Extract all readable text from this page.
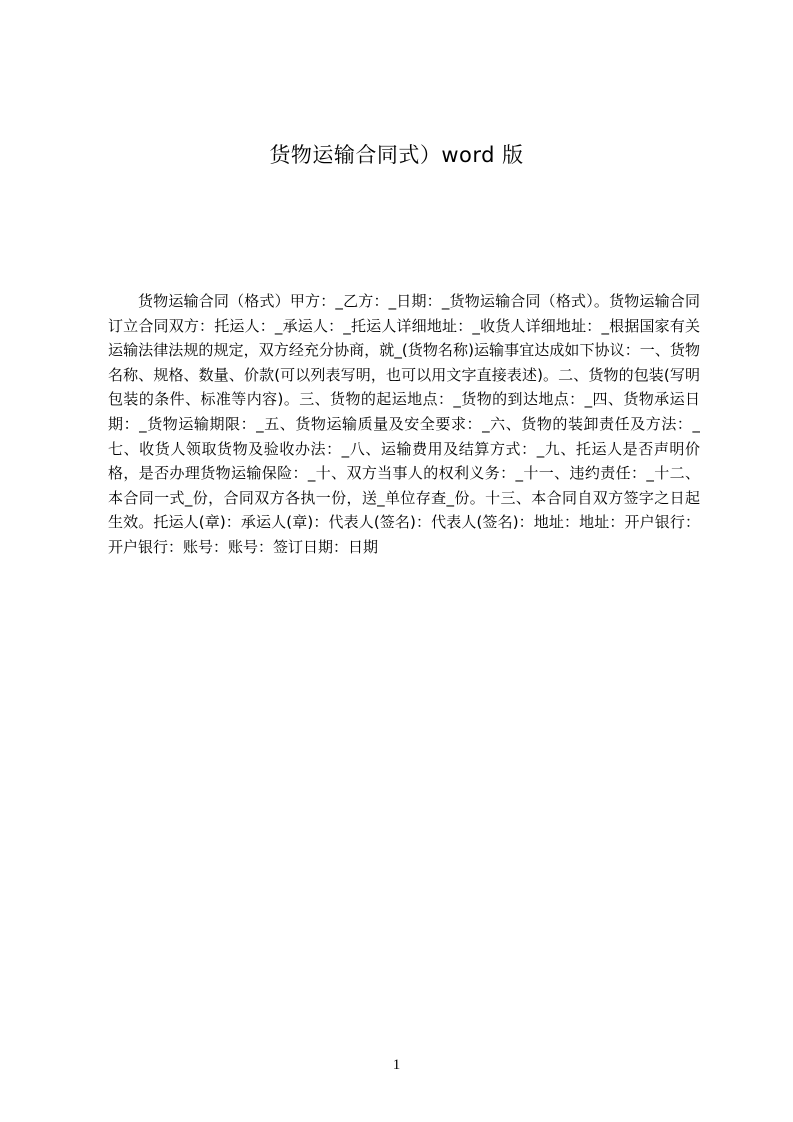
货物运输合同式）word 版

货物运输合同（格式）甲方：_乙方：_日期：_货物运输合同（格式）。货物运输合同订立合同双方：托运人：_承运人：_托运人详细地址：_收货人详细地址：_根据国家有关运输法律法规的规定，双方经充分协商，就_(货物名称)运输事宜达成如下协议：一、货物名称、规格、数量、价款(可以列表写明，也可以用文字直接表述)。二、货物的包装(写明包装的条件、标准等内容)。三、货物的起运地点：_货物的到达地点：_四、货物承运日期：_货物运输期限：_五、货物运输质量及安全要求：_六、货物的装卸责任及方法：_七、收货人领取货物及验收办法：_八、运输费用及结算方式：_九、托运人是否声明价格，是否办理货物运输保险：_十、双方当事人的权利义务：_十一、违约责任：_十二、本合同一式_份，合同双方各执一份，送_单位存查_份。十三、本合同自双方签字之日起生效。托运人(章)：承运人(章)：代表人(签名)：代表人(签名)：地址：地址：开户银行：开户银行：账号：账号：签订日期：日期

1
